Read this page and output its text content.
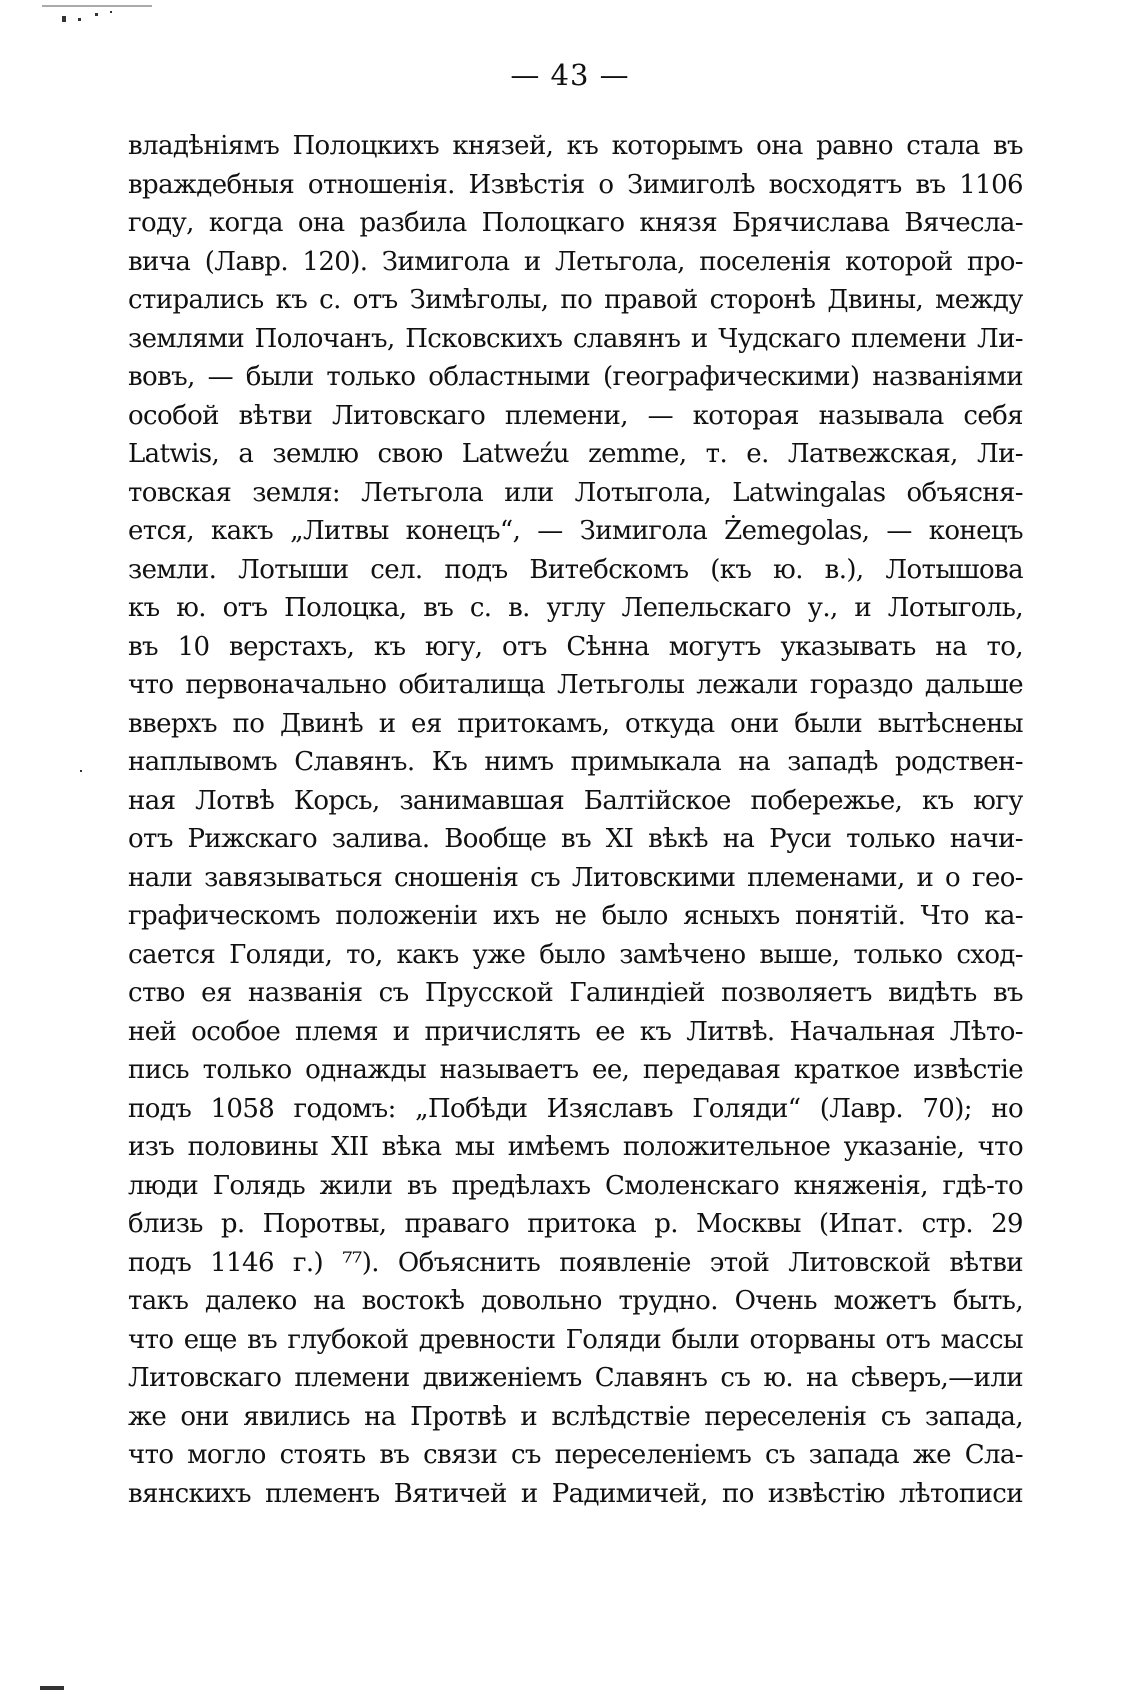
— 43 —
владѣніямъ Полоцкихъ князей, къ которымъ она равно стала въ
враждебныя отношенія. Извѣстія о Зимиголѣ восходятъ въ 1106
году, когда она разбила Полоцкаго князя Брячислава Вячесла-
вича (Лавр. 120). Зимигола и Летьгола, поселенія которой про-
стирались къ с. отъ Зимѣголы, по правой сторонѣ Двины, между
землями Полочанъ, Псковскихъ славянъ и Чудскаго племени Ли-
вовъ, — были только областными (географическими) названіями
особой вѣтви Литовскаго племени, — которая называла себя
Latwis, а землю свою Latweźu zemme, т. е. Латвежская, Ли-
товская земля: Летьгола или Лотыгола, Latwingalas объясня-
ется, какъ „Литвы конецъ“, — Зимигола Żemegolas, — конецъ
земли. Лотыши сел. подъ Витебскомъ (къ ю. в.), Лотышова
къ ю. отъ Полоцка, въ с. в. углу Лепельскаго у., и Лотыголь,
въ 10 верстахъ, къ югу, отъ Сѣнна могутъ указывать на то,
что первоначально обиталища Летьголы лежали гораздо дальше
вверхъ по Двинѣ и ея притокамъ, откуда они были вытѣснены
наплывомъ Славянъ. Къ нимъ примыкала на западѣ родствен-
ная Лотвѣ Корсь, занимавшая Балтійское побережье, къ югу
отъ Рижскаго залива. Вообще въ XI вѣкѣ на Руси только начи-
нали завязываться сношенія съ Литовскими племенами, и о гео-
графическомъ положеніи ихъ не было ясныхъ понятій. Что ка-
сается Голяди, то, какъ уже было замѣчено выше, только сход-
ство ея названія съ Прусской Галиндіей позволяетъ видѣть въ
ней особое племя и причислять ее къ Литвѣ. Начальная Лѣто-
пись только однажды называетъ ее, передавая краткое извѣстіе
подъ 1058 годомъ: „Побѣди Изяславъ Голяди“ (Лавр. 70); но
изъ половины XII вѣка мы имѣемъ положительное указаніе, что
люди Голядь жили въ предѣлахъ Смоленскаго княженія, гдѣ-то
близь р. Поротвы, праваго притока р. Москвы (Ипат. стр. 29
подъ 1146 г.) ⁷⁷). Объяснить появленіе этой Литовской вѣтви
такъ далеко на востокѣ довольно трудно. Очень можетъ быть,
что еще въ глубокой древности Голяди были оторваны отъ массы
Литовскаго племени движеніемъ Славянъ съ ю. на сѣверъ,—или
же они явились на Протвѣ и вслѣдствіе переселенія съ запада,
что могло стоять въ связи съ переселеніемъ съ запада же Сла-
вянскихъ племенъ Вятичей и Радимичей, по извѣстію лѣтописи
